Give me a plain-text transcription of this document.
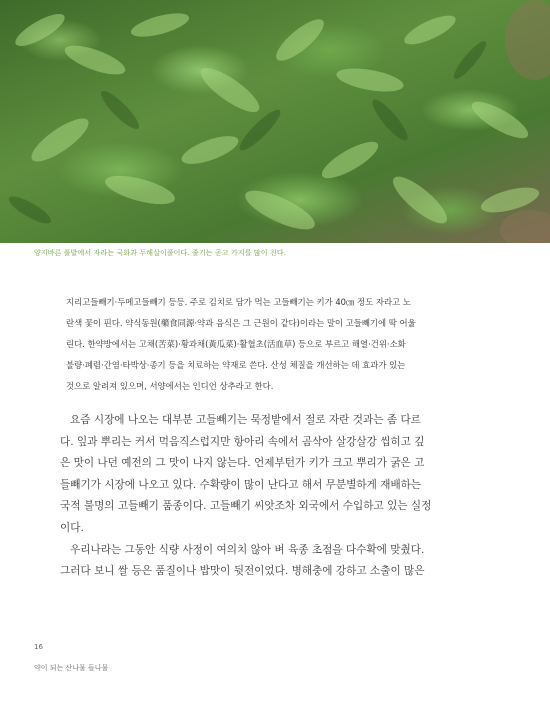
양지바른 풀밭에서 자라는 국화과 두해살이풀이다. 줄기는 곧고 가지를 많이 친다.
지리고들빼기·두메고들빼기 등등. 주로 김치로 담가 먹는 고들빼기는 키가 40㎝ 정도 자라고 노
란색 꽃이 핀다. 약식동원(藥食同源·약과 음식은 그 근원이 같다)이라는 말이 고들빼기에 딱 어울
린다. 한약방에서는 고채(苦菜)·황과채(黃瓜菜)·활혈초(活血草) 등으로 부르고 해열·건위·소화
불량·폐렴·간염·타박상·종기 등을 치료하는 약재로 쓴다. 산성 체질을 개선하는 데 효과가 있는
것으로 알려져 있으며, 서양에서는 인디언 상추라고 한다.
요즘 시장에 나오는 대부분 고들빼기는 묵정밭에서 절로 자란 것과는 좀 다르
다. 잎과 뿌리는 커서 먹음직스럽지만 항아리 속에서 곰삭아 살강살강 씹히고 깊
은 맛이 나던 예전의 그 맛이 나지 않는다. 언제부턴가 키가 크고 뿌리가 굵은 고
들빼기가 시장에 나오고 있다. 수확량이 많이 난다고 해서 무분별하게 재배하는
국적 불명의 고들빼기 품종이다. 고들빼기 씨앗조차 외국에서 수입하고 있는 실정
이다.
우리나라는 그동안 식량 사정이 여의치 않아 벼 육종 초점을 다수확에 맞췄다.
그러다 보니 쌀 등은 품질이나 밥맛이 뒷전이었다. 병해충에 강하고 소출이 많은
16
약이 되는 산나물 들나물
